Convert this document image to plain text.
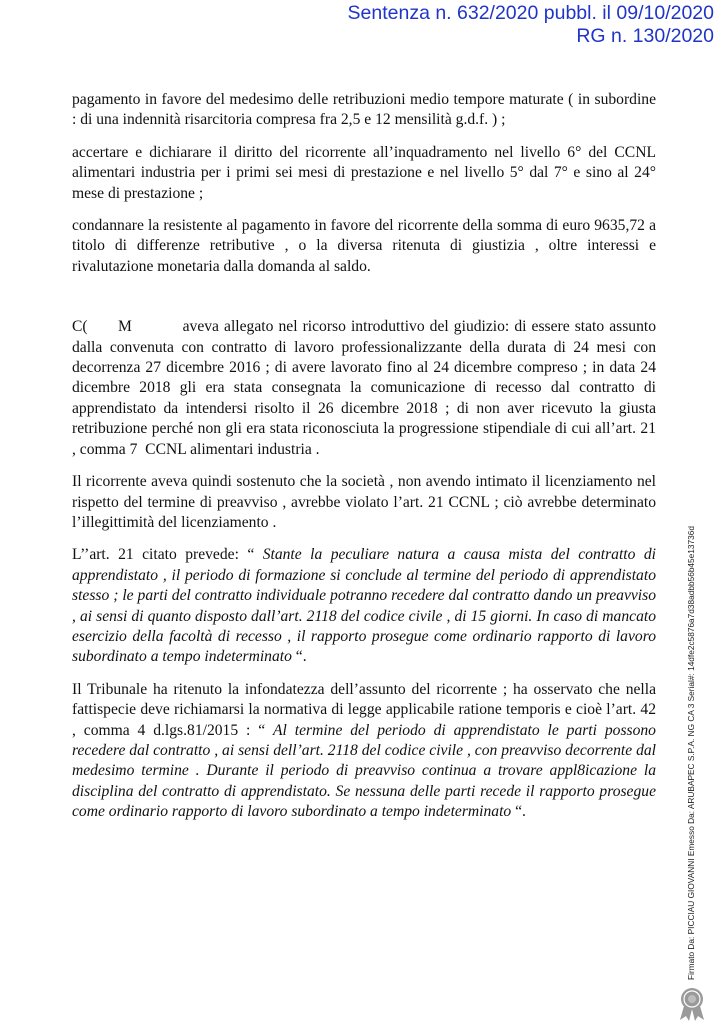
Sentenza n. 632/2020 pubbl. il 09/10/2020
RG n. 130/2020

pagamento in favore del medesimo delle retribuzioni medio tempore maturate ( in subordine : di una indennità risarcitoria compresa fra 2,5 e 12 mensilità g.d.f. ) ;

accertare e dichiarare il diritto del ricorrente all’inquadramento nel livello 6° del CCNL alimentari industria per i primi sei mesi di prestazione e nel livello 5° dal 7° e sino al 24° mese di prestazione ;

condannare la resistente al pagamento in favore del ricorrente della somma di euro 9635,72 a titolo di differenze retributive , o la diversa ritenuta di giustizia , oltre interessi e rivalutazione monetaria dalla domanda al saldo.

C(      M          aveva allegato nel ricorso introduttivo del giudizio: di essere stato assunto dalla convenuta con contratto di lavoro professionalizzante della durata di 24 mesi con decorrenza 27 dicembre 2016 ; di avere lavorato fino al 24 dicembre compreso ; in data 24 dicembre 2018 gli era stata consegnata la comunicazione di recesso dal contratto di apprendistato da intendersi risolto il 26 dicembre 2018 ; di non aver ricevuto la giusta retribuzione perché non gli era stata riconosciuta la progressione stipendiale di cui all’art. 21 , comma 7  CCNL alimentari industria .

Il ricorrente aveva quindi sostenuto che la società , non avendo intimato il licenziamento nel rispetto del termine di preavviso , avrebbe violato l’art. 21 CCNL ; ciò avrebbe determinato l’illegittimità del licenziamento .

L’’art. 21 citato prevede: “ Stante la peculiare natura a causa mista del contratto di apprendistato , il periodo di formazione si conclude al termine del periodo di apprendistato stesso ; le parti del contratto individuale potranno recedere dal contratto dando un preavviso , ai sensi di quanto disposto dall’art. 2118 del codice civile , di 15 giorni. In caso di mancato esercizio della facoltà di recesso , il rapporto prosegue come ordinario rapporto di lavoro subordinato a tempo indeterminato “.

Il Tribunale ha ritenuto la infondatezza dell’assunto del ricorrente ; ha osservato che nella fattispecie deve richiamarsi la normativa di legge applicabile ratione temporis e cioè l’art. 42 , comma 4 d.lgs.81/2015 : “ Al termine del periodo di apprendistato le parti possono recedere dal contratto , ai sensi dell’art. 2118 del codice civile , con preavviso decorrente dal medesimo termine . Durante il periodo di preavviso continua a trovare appl8icazione la disciplina del contratto di apprendistato. Se nessuna delle parti recede il rapporto prosegue come ordinario rapporto di lavoro subordinato a tempo indeterminato “.	Firmato Da: PICCIAU GIOVANNI Emesso Da: ARUBAPEC S.P.A. NG CA 3 Serial#: 14dfe2c5876a7d38adbb56b45e13736d
